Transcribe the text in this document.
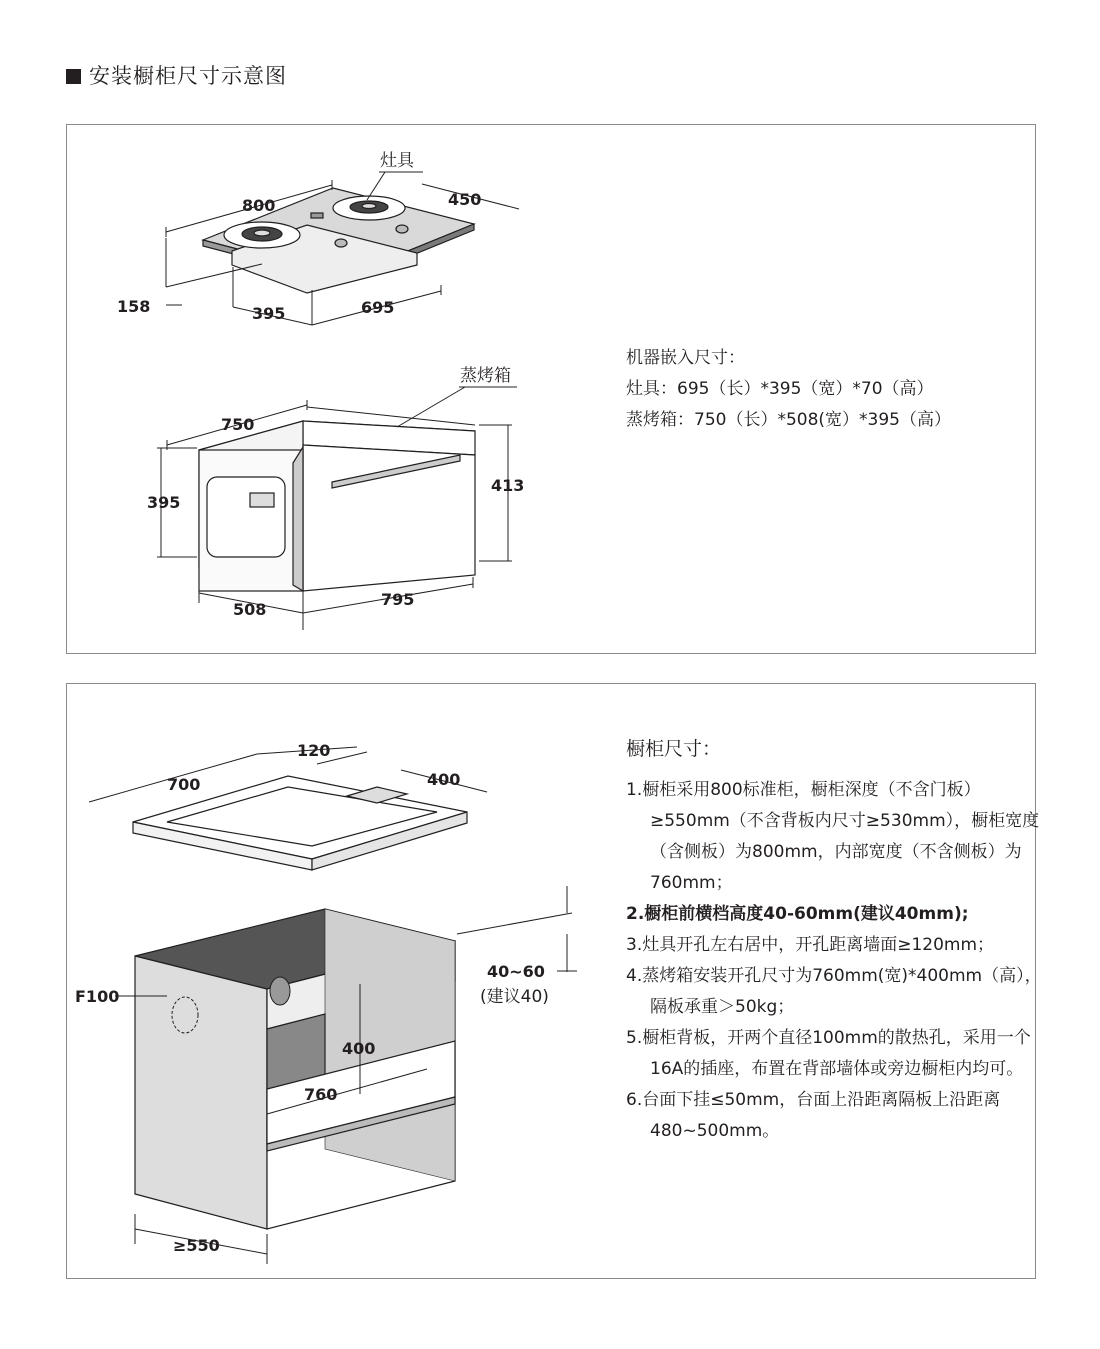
安装橱柜尺寸示意图
灶具
800	450
158	395	695
蒸烤箱
750
395
413
508
795
机器嵌入尺寸：
灶具：695（长）*395（宽）*70（高）
蒸烤箱：750（长）*508(宽）*395（高）
120
700	400
F100
40~60
(建议40)
400
760
≥550
橱柜尺寸：
1.橱柜采用800标准柜，橱柜深度（不含门板）≥550mm（不含背板内尺寸≥530mm），橱柜宽度（含侧板）为800mm，内部宽度（不含侧板）为760mm；
2.橱柜前横档高度40-60mm(建议40mm);
3.灶具开孔左右居中，开孔距离墙面≥120mm；
4.蒸烤箱安装开孔尺寸为760mm(宽)*400mm（高），隔板承重＞50kg；
5.橱柜背板，开两个直径100mm的散热孔，采用一个16A的插座，布置在背部墙体或旁边橱柜内均可。
6.台面下挂≤50mm，台面上沿距离隔板上沿距离480~500mm。
